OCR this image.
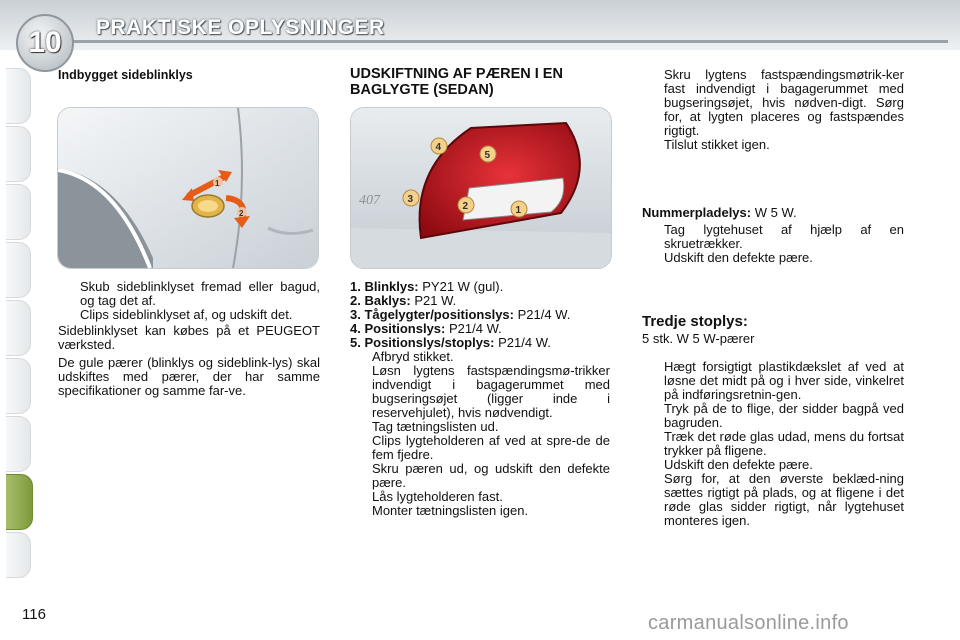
10	PRAKTISKE OPLYSNINGER

Indbygget sideblinklys

1
2

Skub sideblinklyset fremad eller bagud, og tag det af.

Clips sideblinklyset af, og udskift det.

Sideblinklyset kan købes på et PEUGEOT værksted.

De gule pærer (blinklys og sideblink-lys) skal udskiftes med pærer, der har samme specifikationer og samme far-ve.

UDSKIFTNING AF PÆREN I EN

BAGLYGTE (SEDAN)

407
1
2
3
4
5

1. Blinklys: PY21 W (gul).

2. Baklys: P21 W.

3. Tågelygter/positionslys: P21/4 W.

4. Positionslys: P21/4 W.

5. Positionslys/stoplys: P21/4 W.

Afbryd stikket.

Løsn lygtens fastspændingsmø-trikker indvendigt i bagagerummet med bugseringsøjet (ligger inde i reservehjulet), hvis nødvendigt.

Tag tætningslisten ud.

Clips lygteholderen af ved at spre-de de fem fjedre.

Skru pæren ud, og udskift den defekte pære.

Lås lygteholderen fast.

Monter tætningslisten igen.

Skru lygtens fastspændingsmøtrik-ker fast indvendigt i bagagerummet med bugseringsøjet, hvis nødven-digt. Sørg for, at lygten placeres og fastspændes rigtigt.

Tilslut stikket igen.

Nummerpladelys: W 5 W.

Tag lygtehuset af hjælp af en skruetrækker.

Udskift den defekte pære.

Tredje stoplys:

5 stk. W 5 W-pærer

Hægt forsigtigt plastikdækslet af ved at løsne det midt på og i hver side, vinkelret på indføringsretnin-gen.

Tryk på de to flige, der sidder bagpå ved bagruden.

Træk det røde glas udad, mens du fortsat trykker på fligene.

Udskift den defekte pære.

Sørg for, at den øverste beklæd-ning sættes rigtigt på plads, og at fligene i det røde glas sidder rigtigt, når lygtehuset monteres igen.

116	carmanualsonline.info
